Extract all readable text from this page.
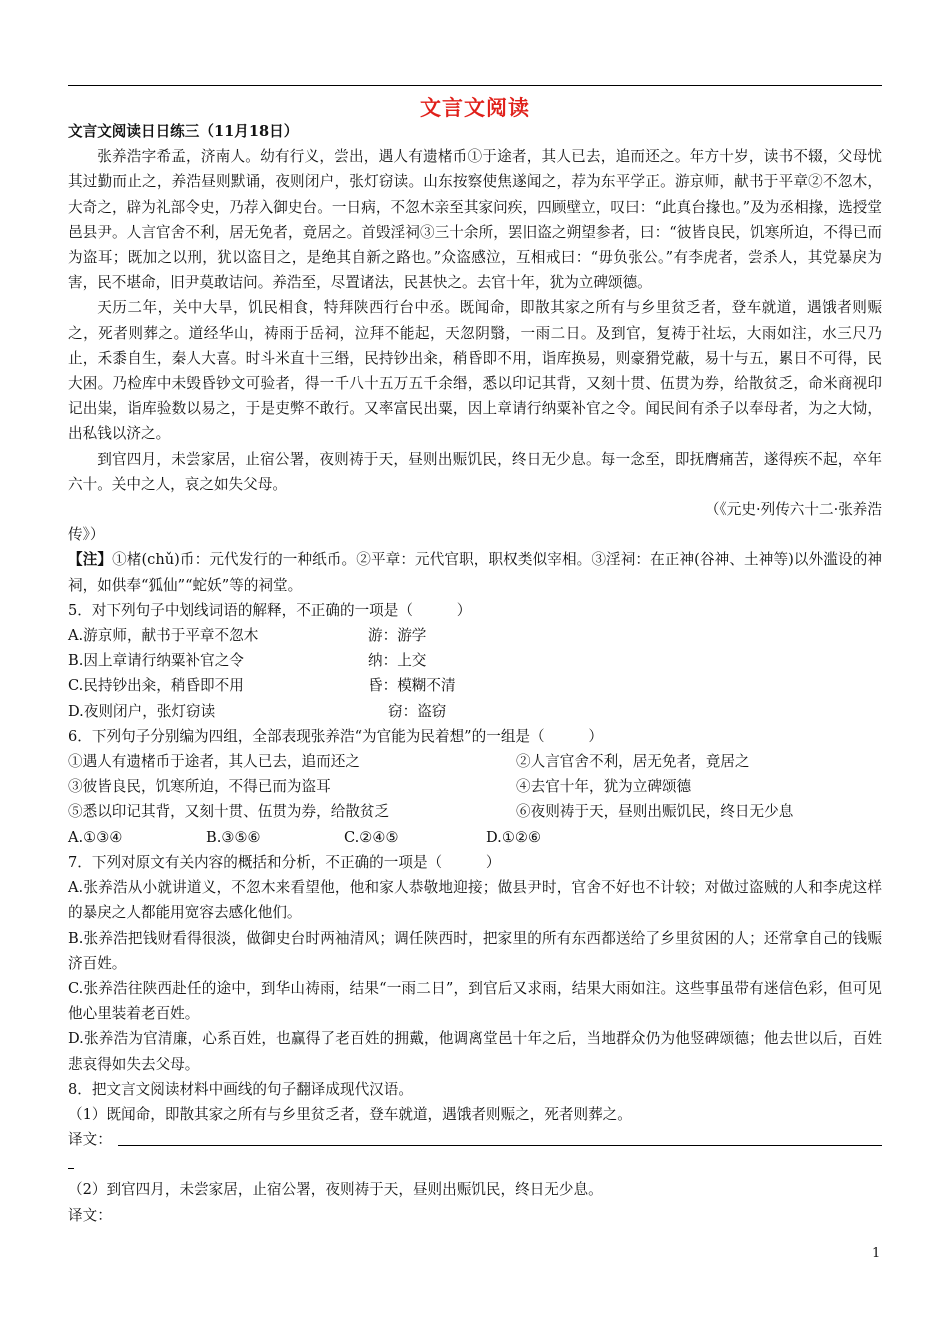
文言文阅读

文言文阅读日日练三（11月18日）

张养浩字希孟，济南人。幼有行义，尝出，遇人有遗楮币①于途者，其人已去，追而还之。年方十岁，读书不辍，父母忧其过勤而止之，养浩昼则默诵，夜则闭户，张灯窃读。山东按察使焦遂闻之，荐为东平学正。游京师，献书于平章②不忽木，大奇之，辟为礼部令史，乃荐入御史台。一日病，不忽木亲至其家问疾，四顾壁立，叹曰：“此真台掾也。”及为丞相掾，选授堂邑县尹。人言官舍不利，居无免者，竟居之。首毁淫祠③三十余所，罢旧盗之朔望参者，曰：“彼皆良民，饥寒所迫，不得已而为盗耳；既加之以刑，犹以盗目之，是绝其自新之路也。”众盗感泣，互相戒曰：“毋负张公。”有李虎者，尝杀人，其党暴戾为害，民不堪命，旧尹莫敢诘问。养浩至，尽置诸法，民甚快之。去官十年，犹为立碑颂德。

天历二年，关中大旱，饥民相食，特拜陕西行台中丞。既闻命，即散其家之所有与乡里贫乏者，登车就道，遇饿者则赈之，死者则葬之。道经华山，祷雨于岳祠，泣拜不能起，天忽阴翳，一雨二日。及到官，复祷于社坛，大雨如注，水三尺乃止，禾黍自生，秦人大喜。时斗米直十三缗，民持钞出籴，稍昏即不用，诣库换易，则豪猾党蔽，易十与五，累日不可得，民大困。乃检库中未毁昏钞文可验者，得一千八十五万五千余缗，悉以印记其背，又刻十贯、伍贯为券，给散贫乏，命米商视印记出粜，诣库验数以易之，于是吏弊不敢行。又率富民出粟，因上章请行纳粟补官之令。闻民间有杀子以奉母者，为之大恸，出私钱以济之。

到官四月，未尝家居，止宿公署，夜则祷于天，昼则出赈饥民，终日无少息。每一念至，即抚膺痛苦，遂得疾不起，卒年六十。关中之人，哀之如失父母。

（《元史·列传六十二·张养浩

传》）

【注】①楮(chǔ)币：元代发行的一种纸币。②平章：元代官职，职权类似宰相。③淫祠：在正神(谷神、土神等)以外滥设的神祠，如供奉“狐仙”“蛇妖”等的祠堂。

5．对下列句子中划线词语的解释，不正确的一项是（　　　）

A.游京师，献书于平章不忽木	游：游学
B.因上章请行纳粟补官之令	纳：上交
C.民持钞出籴，稍昏即不用	昏：模糊不清
D.夜则闭户，张灯窃读	窃：盗窃

6．下列句子分别编为四组，全部表现张养浩“为官能为民着想”的一组是（　　　）

①遇人有遗楮币于途者，其人已去，追而还之	②人言官舍不利，居无免者，竟居之
③彼皆良民，饥寒所迫，不得已而为盗耳	④去官十年，犹为立碑颂德
⑤悉以印记其背，又刻十贯、伍贯为券，给散贫乏	⑥夜则祷于天，昼则出赈饥民，终日无少息
A.①③④	B.③⑤⑥	C.②④⑤	D.①②⑥

7．下列对原文有关内容的概括和分析，不正确的一项是（　　　）

A.张养浩从小就讲道义，不忽木来看望他，他和家人恭敬地迎接；做县尹时，官舍不好也不计较；对做过盗贼的人和李虎这样的暴戾之人都能用宽容去感化他们。

B.张养浩把钱财看得很淡，做御史台时两袖清风；调任陕西时，把家里的所有东西都送给了乡里贫困的人；还常拿自己的钱赈济百姓。

C.张养浩往陕西赴任的途中，到华山祷雨，结果“一雨二日”，到官后又求雨，结果大雨如注。这些事虽带有迷信色彩，但可见他心里装着老百姓。

D.张养浩为官清廉，心系百姓，也赢得了老百姓的拥戴，他调离堂邑十年之后，当地群众仍为他竖碑颂德；他去世以后，百姓悲哀得如失去父母。

8．把文言文阅读材料中画线的句子翻译成现代汉语。

（1）既闻命，即散其家之所有与乡里贫乏者，登车就道，遇饿者则赈之，死者则葬之。

译文：

（2）到官四月，未尝家居，止宿公署，夜则祷于天，昼则出赈饥民，终日无少息。

译文：

1
